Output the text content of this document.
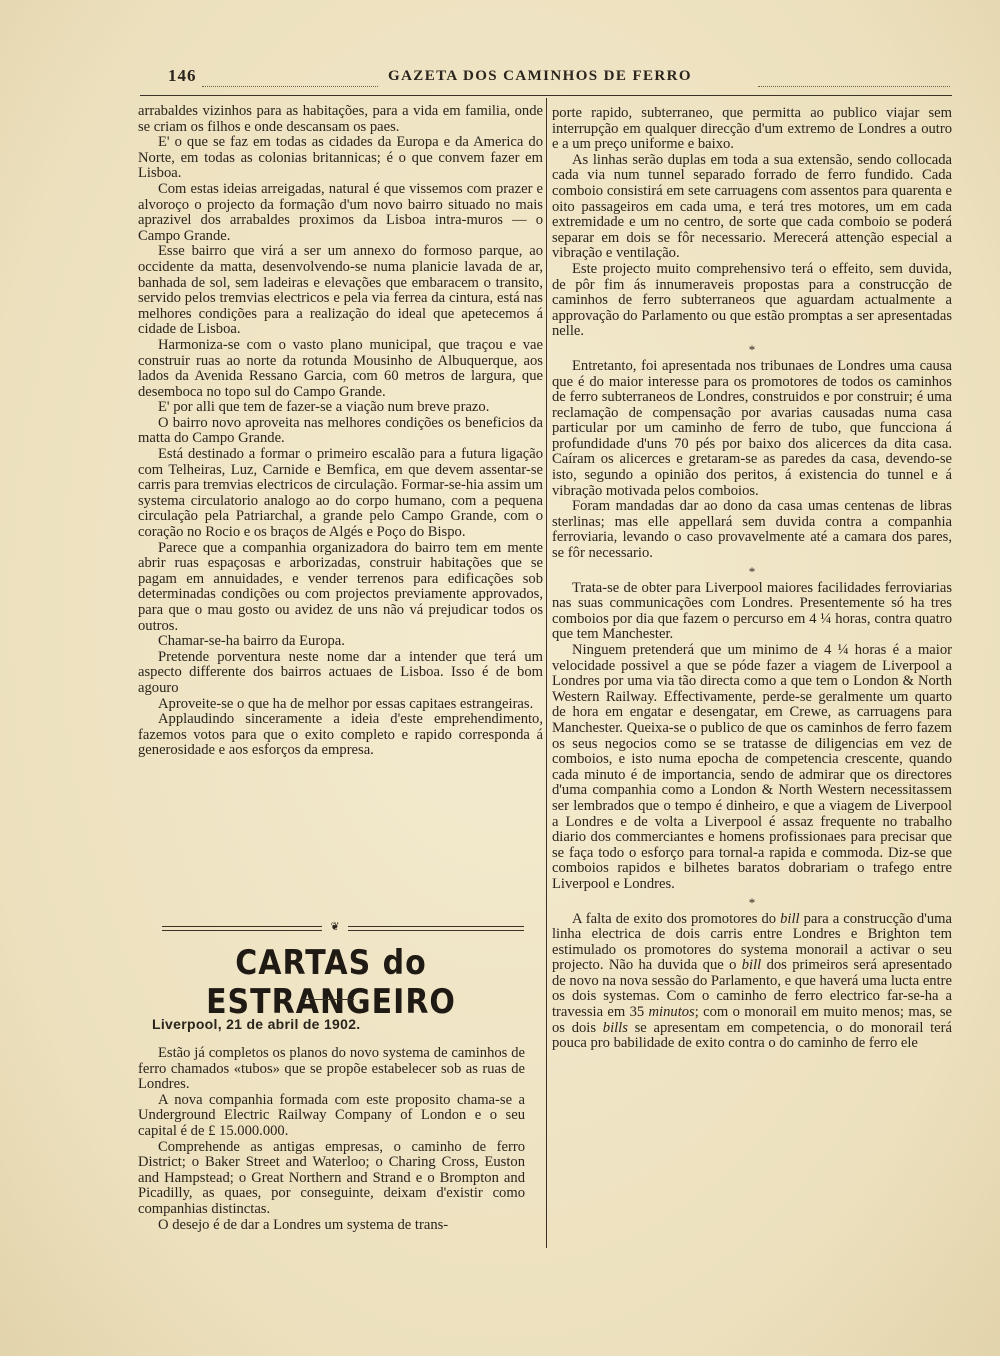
146	GAZETA DOS CAMINHOS DE FERRO

arrabaldes vizinhos para as habitações, para a vida em familia, onde se criam os filhos e onde descansam os paes.

E' o que se faz em todas as cidades da Europa e da America do Norte, em todas as colonias britannicas; é o que convem fazer em Lisboa.

Com estas ideias arreigadas, natural é que vissemos com prazer e alvoroço o projecto da formação d'um novo bairro situado no mais aprazivel dos arrabaldes proximos da Lisboa intra-muros — o Campo Grande.

Esse bairro que virá a ser um annexo do formoso parque, ao occidente da matta, desenvolvendo-se numa planicie lavada de ar, banhada de sol, sem ladeiras e elevações que embaracem o transito, servido pelos tremvias electricos e pela via ferrea da cintura, está nas melhores condições para a realização do ideal que apetecemos á cidade de Lisboa.

Harmoniza-se com o vasto plano municipal, que traçou e vae construir ruas ao norte da rotunda Mousinho de Albuquerque, aos lados da Avenida Ressano Garcia, com 60 metros de largura, que desemboca no topo sul do Campo Grande.

E' por alli que tem de fazer-se a viação num breve prazo.

O bairro novo aproveita nas melhores condições os beneficios da matta do Campo Grande.

Está destinado a formar o primeiro escalão para a futura ligação com Telheiras, Luz, Carnide e Bemfica, em que devem assentar-se carris para tremvias electricos de circulação. Formar-se-hia assim um systema circulatorio analogo ao do corpo humano, com a pequena circulação pela Patriarchal, a grande pelo Campo Grande, com o coração no Rocio e os braços de Algés e Poço do Bispo.

Parece que a companhia organizadora do bairro tem em mente abrir ruas espaçosas e arborizadas, construir habitações que se pagam em annuidades, e vender terrenos para edificações sob determinadas condições ou com projectos previamente approvados, para que o mau gosto ou avidez de uns não vá prejudicar todos os outros.

Chamar-se-ha bairro da Europa.

Pretende porventura neste nome dar a intender que terá um aspecto differente dos bairros actuaes de Lisboa. Isso é de bom agouro

Aproveite-se o que ha de melhor por essas capitaes estrangeiras.

Applaudindo sinceramente a ideia d'este emprehendimento, fazemos votos para que o exito completo e rapido corresponda á generosidade e aos esforços da empresa.

❦
CARTAS do ESTRANGEIRO
Liverpool, 21 de abril de 1902.

Estão já completos os planos do novo systema de caminhos de ferro chamados «tubos» que se propõe estabelecer sob as ruas de Londres.

A nova companhia formada com este proposito chama-se a Underground Electric Railway Company of London e o seu capital é de £ 15.000.000.

Comprehende as antigas empresas, o caminho de ferro District; o Baker Street and Waterloo; o Charing Cross, Euston and Hampstead; o Great Northern and Strand e o Brompton and Picadilly, as quaes, por conseguinte, deixam d'existir como companhias distinctas.

O desejo é de dar a Londres um systema de trans-

porte rapido, subterraneo, que permitta ao publico viajar sem interrupção em qualquer direcção d'um extremo de Londres a outro e a um preço uniforme e baixo.

As linhas serão duplas em toda a sua extensão, sendo collocada cada via num tunnel separado forrado de ferro fundido. Cada comboio consistirá em sete carruagens com assentos para quarenta e oito passageiros em cada uma, e terá tres motores, um em cada extremidade e um no centro, de sorte que cada comboio se poderá separar em dois se fôr necessario. Merecerá attenção especial a vibração e ventilação.

Este projecto muito comprehensivo terá o effeito, sem duvida, de pôr fim ás innumeraveis propostas para a construcção de caminhos de ferro subterraneos que aguardam actualmente a approvação do Parlamento ou que estão promptas a ser apresentadas nelle.

*

Entretanto, foi apresentada nos tribunaes de Londres uma causa que é do maior interesse para os promotores de todos os caminhos de ferro subterraneos de Londres, construidos e por construir; é uma reclamação de compensação por avarias causadas numa casa particular por um caminho de ferro de tubo, que funcciona á profundidade d'uns 70 pés por baixo dos alicerces da dita casa. Caíram os alicerces e gretaram-se as paredes da casa, devendo-se isto, segundo a opinião dos peritos, á existencia do tunnel e á vibração motivada pelos comboios.

Foram mandadas dar ao dono da casa umas centenas de libras sterlinas; mas elle appellará sem duvida contra a companhia ferroviaria, levando o caso provavelmente até a camara dos pares, se fôr necessario.

*

Trata-se de obter para Liverpool maiores facilidades ferroviarias nas suas communicações com Londres. Presentemente só ha tres comboios por dia que fazem o percurso em 4 ¼ horas, contra quatro que tem Manchester.

Ninguem pretenderá que um minimo de 4 ¼ horas é a maior velocidade possivel a que se póde fazer a viagem de Liverpool a Londres por uma via tão directa como a que tem o London & North Western Railway. Effectivamente, perde-se geralmente um quarto de hora em engatar e desengatar, em Crewe, as carruagens para Manchester. Queixa-se o publico de que os caminhos de ferro fazem os seus negocios como se se tratasse de diligencias em vez de comboios, e isto numa epocha de competencia crescente, quando cada minuto é de importancia, sendo de admirar que os directores d'uma companhia como a London & North Western necessitassem ser lembrados que o tempo é dinheiro, e que a viagem de Liverpool a Londres e de volta a Liverpool é assaz frequente no trabalho diario dos commerciantes e homens profissionaes para precisar que se faça todo o esforço para tornal-a rapida e commoda. Diz-se que comboios rapidos e bilhetes baratos dobrariam o trafego entre Liverpool e Londres.

*

A falta de exito dos promotores do bill para a construcção d'uma linha electrica de dois carris entre Londres e Brighton tem estimulado os promotores do systema monorail a activar o seu projecto. Não ha duvida que o bill dos primeiros será apresentado de novo na nova sessão do Parlamento, e que haverá uma lucta entre os dois systemas. Com o caminho de ferro electrico far-se-ha a travessia em 35 minutos; com o monorail em muito menos; mas, se os dois bills se apresentam em competencia, o do monorail terá pouca pro babilidade de exito contra o do caminho de ferro ele
